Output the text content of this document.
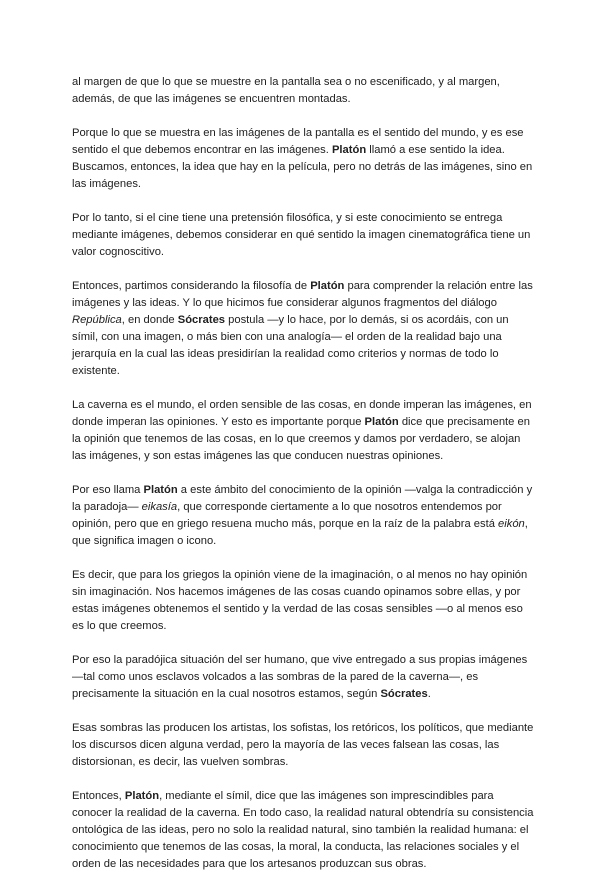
al margen de que lo que se muestre en la pantalla sea o no escenificado, y al margen, además, de que las imágenes se encuentren montadas.

Porque lo que se muestra en las imágenes de la pantalla es el sentido del mundo, y es ese sentido el que debemos encontrar en las imágenes. Platón llamó a ese sentido la idea. Buscamos, entonces, la idea que hay en la película, pero no detrás de las imágenes, sino en las imágenes.

Por lo tanto, si el cine tiene una pretensión filosófica, y si este conocimiento se entrega mediante imágenes, debemos considerar en qué sentido la imagen cinematográfica tiene un valor cognoscitivo.

Entonces, partimos considerando la filosofía de Platón para comprender la relación entre las imágenes y las ideas. Y lo que hicimos fue considerar algunos fragmentos del diálogo República, en donde Sócrates postula —y lo hace, por lo demás, si os acordáis, con un símil, con una imagen, o más bien con una analogía— el orden de la realidad bajo una jerarquía en la cual las ideas presidirían la realidad como criterios y normas de todo lo existente.

La caverna es el mundo, el orden sensible de las cosas, en donde imperan las imágenes, en donde imperan las opiniones. Y esto es importante porque Platón dice que precisamente en la opinión que tenemos de las cosas, en lo que creemos y damos por verdadero, se alojan las imágenes, y son estas imágenes las que conducen nuestras opiniones.

Por eso llama Platón a este ámbito del conocimiento de la opinión —valga la contradicción y la paradoja— eikasía, que corresponde ciertamente a lo que nosotros entendemos por opinión, pero que en griego resuena mucho más, porque en la raíz de la palabra está eikón, que significa imagen o icono.

Es decir, que para los griegos la opinión viene de la imaginación, o al menos no hay opinión sin imaginación. Nos hacemos imágenes de las cosas cuando opinamos sobre ellas, y por estas imágenes obtenemos el sentido y la verdad de las cosas sensibles —o al menos eso es lo que creemos.

Por eso la paradójica situación del ser humano, que vive entregado a sus propias imágenes —tal como unos esclavos volcados a las sombras de la pared de la caverna—, es precisamente la situación en la cual nosotros estamos, según Sócrates.

Esas sombras las producen los artistas, los sofistas, los retóricos, los políticos, que mediante los discursos dicen alguna verdad, pero la mayoría de las veces falsean las cosas, las distorsionan, es decir, las vuelven sombras.

Entonces, Platón, mediante el símil, dice que las imágenes son imprescindibles para conocer la realidad de la caverna. En todo caso, la realidad natural obtendría su consistencia ontológica de las ideas, pero no solo la realidad natural, sino también la realidad humana: el conocimiento que tenemos de las cosas, la moral, la conducta, las relaciones sociales y el orden de las necesidades para que los artesanos produzcan sus obras.
